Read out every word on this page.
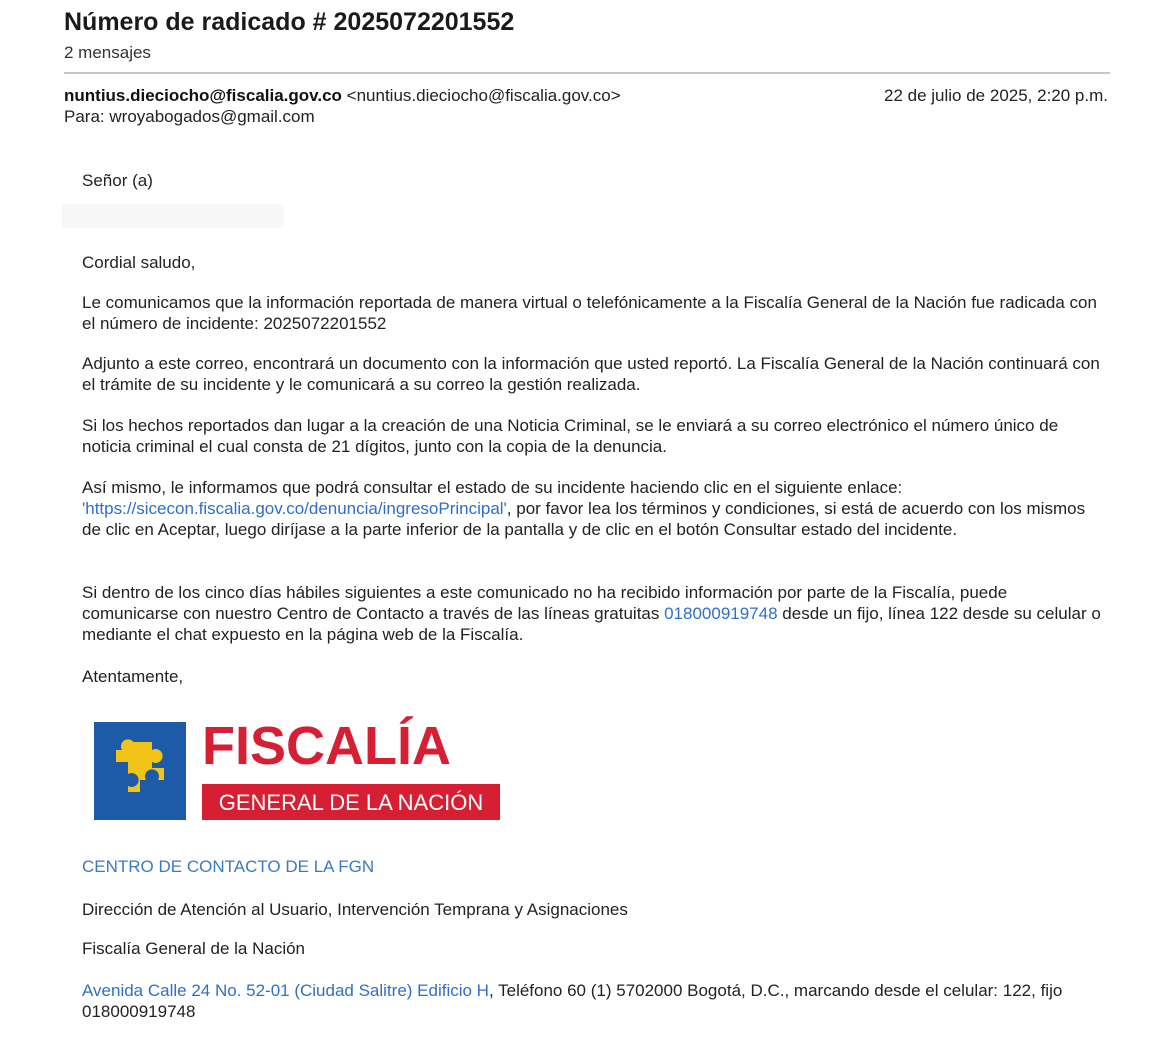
Número de radicado # 2025072201552
2 mensajes
nuntius.dieciocho@fiscalia.gov.co <nuntius.dieciocho@fiscalia.gov.co>	22 de julio de 2025, 2:20 p.m.
Para: wroyabogados@gmail.com
Señor (a)
Cordial saludo,
Le comunicamos que la información reportada de manera virtual o telefónicamente a la Fiscalía General de la Nación fue radicada con el número de incidente: 2025072201552
Adjunto a este correo, encontrará un documento con la información que usted reportó. La Fiscalía General de la Nación continuará con el trámite de su incidente y le comunicará a su correo la gestión realizada.
Si los hechos reportados dan lugar a la creación de una Noticia Criminal, se le enviará a su correo electrónico el número único de noticia criminal el cual consta de 21 dígitos, junto con la copia de la denuncia.
Así mismo, le informamos que podrá consultar el estado de su incidente haciendo clic en el siguiente enlace: 'https://sicecon.fiscalia.gov.co/denuncia/ingresoPrincipal', por favor lea los términos y condiciones, si está de acuerdo con los mismos de clic en Aceptar, luego diríjase a la parte inferior de la pantalla y de clic en el botón Consultar estado del incidente.
Si dentro de los cinco días hábiles siguientes a este comunicado no ha recibido información por parte de la Fiscalía, puede comunicarse con nuestro Centro de Contacto a través de las líneas gratuitas 018000919748 desde un fijo, línea 122 desde su celular o mediante el chat expuesto en la página web de la Fiscalía.
Atentamente,
FISCALÍA
GENERAL DE LA NACIÓN
CENTRO DE CONTACTO DE LA FGN
Dirección de Atención al Usuario, Intervención Temprana y Asignaciones
Fiscalía General de la Nación
Avenida Calle 24 No. 52-01 (Ciudad Salitre) Edificio H, Teléfono 60 (1) 5702000 Bogotá, D.C., marcando desde el celular: 122, fijo 018000919748
